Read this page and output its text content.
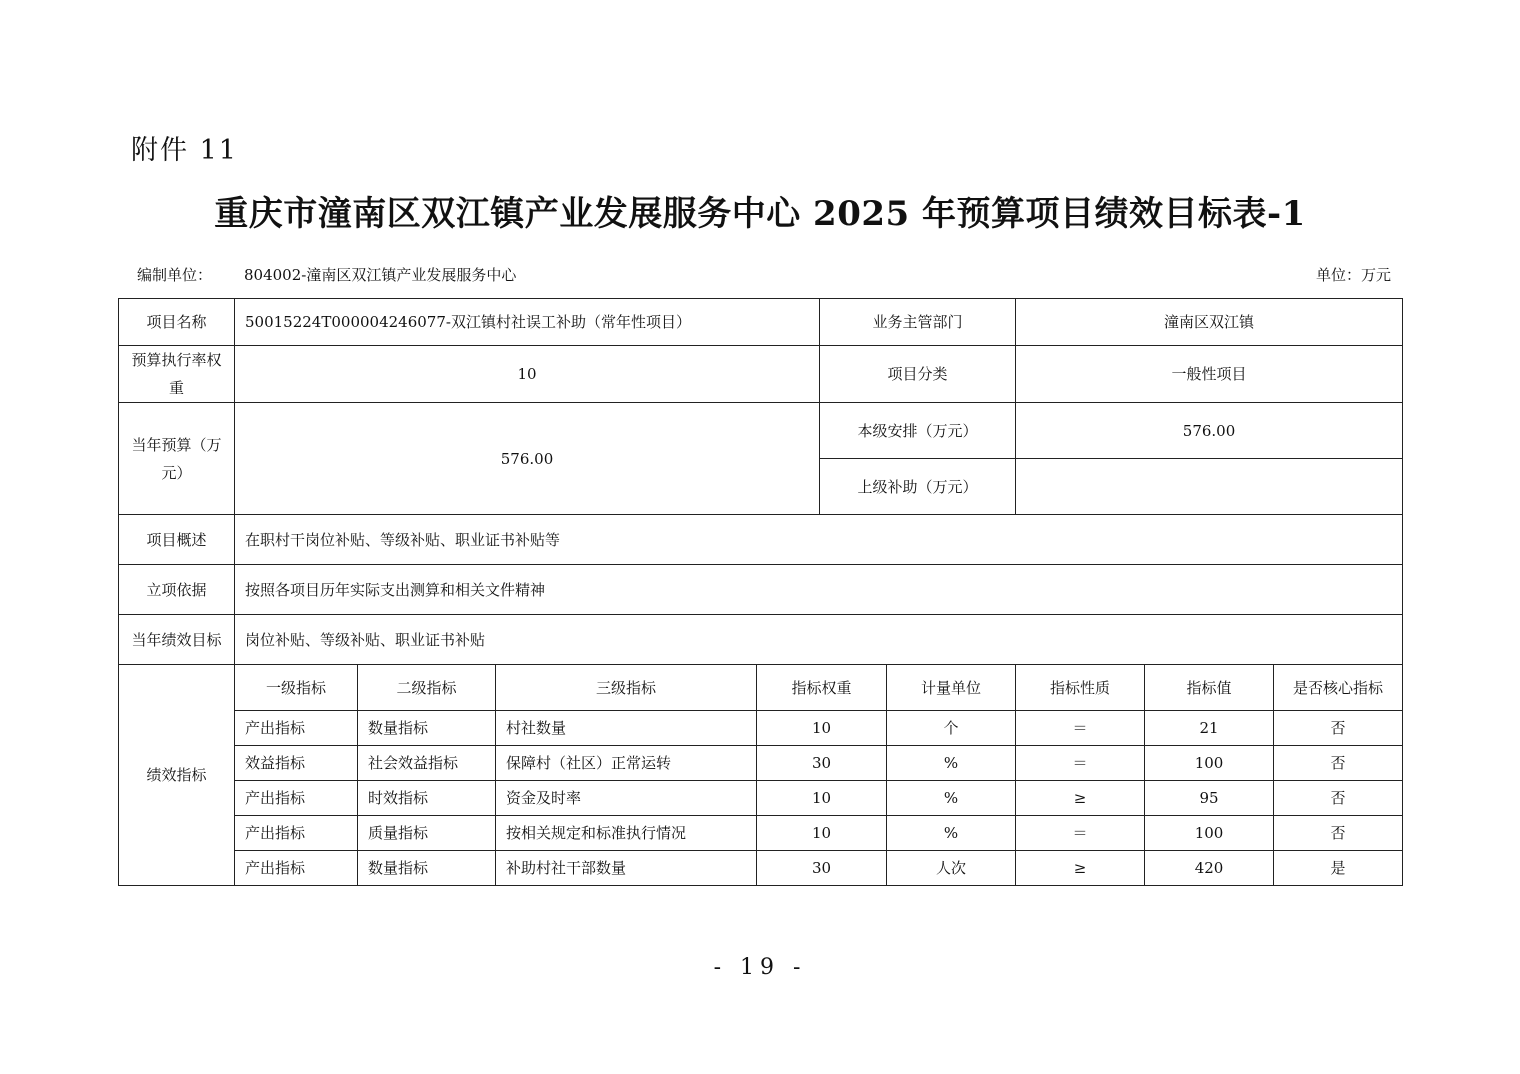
附件 11
重庆市潼南区双江镇产业发展服务中心 2025 年预算项目绩效目标表-1
编制单位： 804002-潼南区双江镇产业发展服务中心	单位：万元
项目名称	50015224T000004246077-双江镇村社误工补助（常年性项目）				业务主管部门		潼南区双江镇		
预算执行率权重	10				项目分类		一般性项目		
当年预算（万元）	576.00				本级安排（万元）		576.00		
					上级补助（万元）				
项目概述	在职村干岗位补贴、等级补贴、职业证书补贴等								
立项依据	按照各项目历年实际支出测算和相关文件精神								
当年绩效目标	岗位补贴、等级补贴、职业证书补贴								
绩效指标	一级指标	二级指标	三级指标	指标权重		计量单位	指标性质	指标值	是否核心指标
	产出指标	数量指标	村社数量	10		个	＝	21	否
	效益指标	社会效益指标	保障村（社区）正常运转	30		%	＝	100	否
	产出指标	时效指标	资金及时率	10		%	≥	95	否
	产出指标	质量指标	按相关规定和标准执行情况	10		%	＝	100	否
	产出指标	数量指标	补助村社干部数量	30		人次	≥	420	是
- 19 -
